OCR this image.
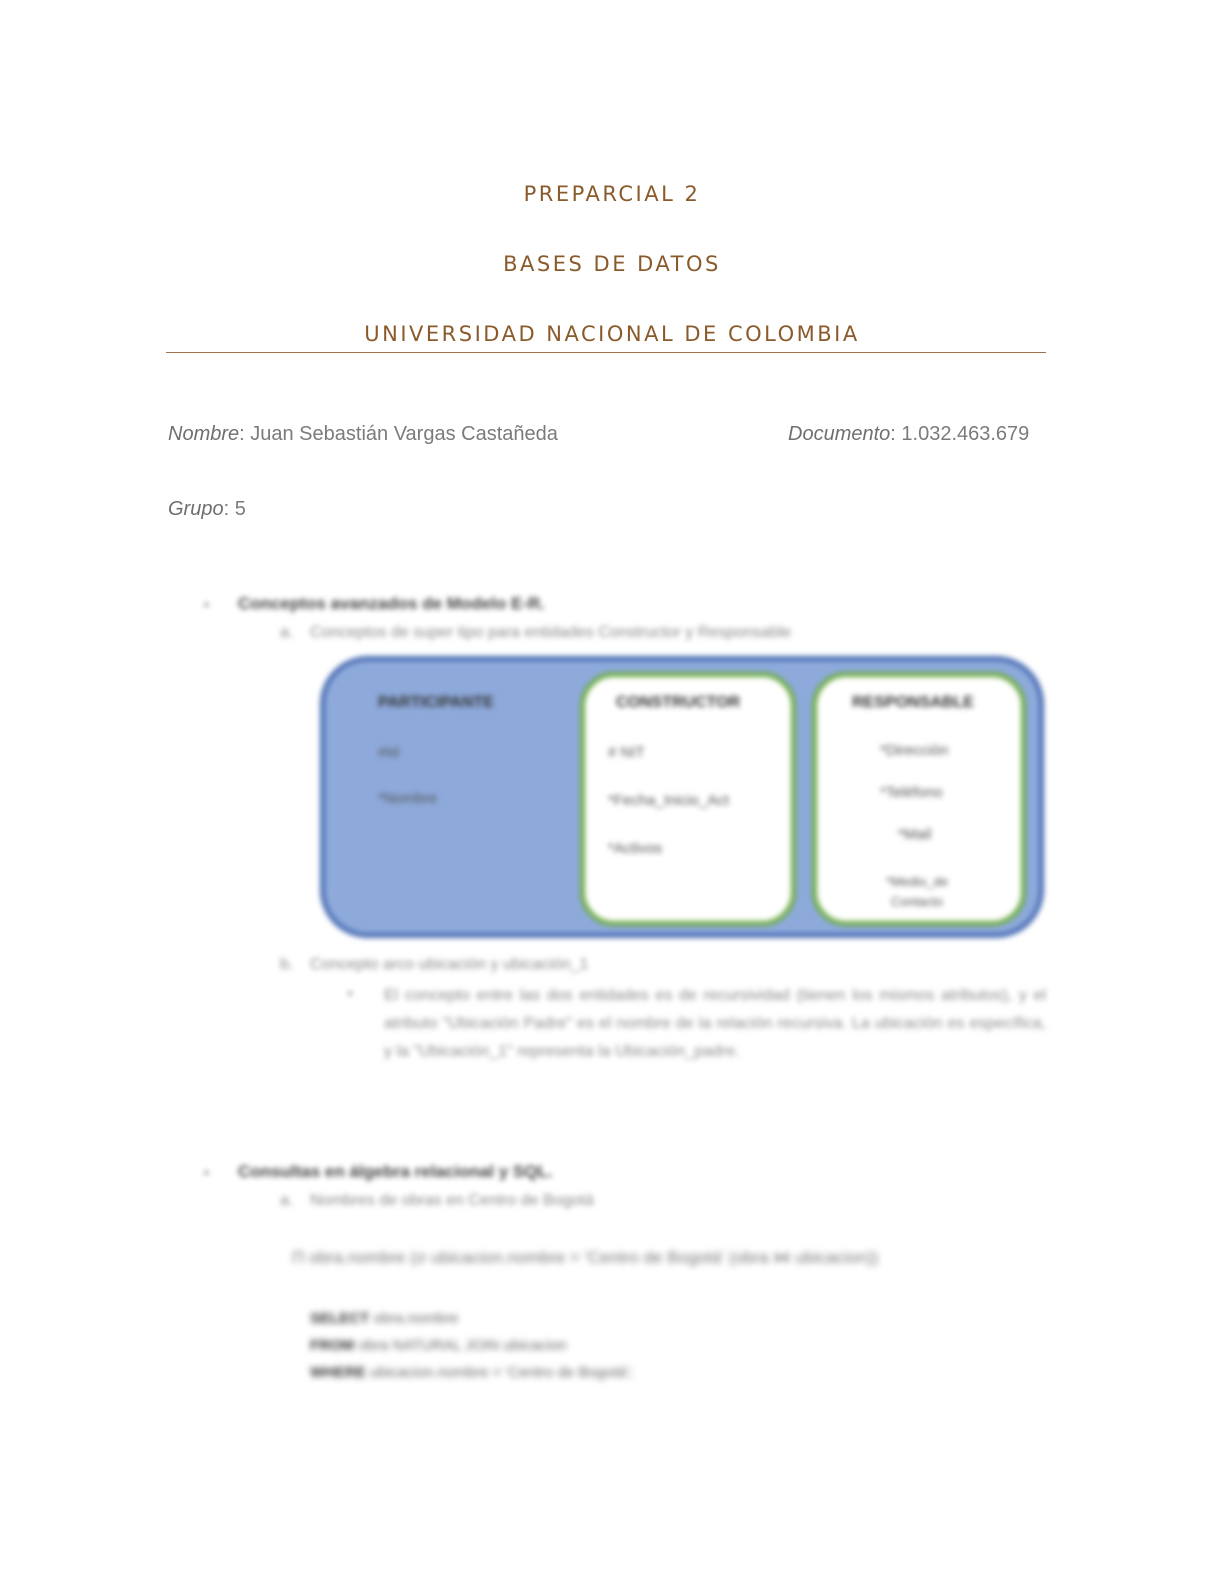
PREPARCIAL 2
BASES DE DATOS
UNIVERSIDAD NACIONAL DE COLOMBIA
Nombre: Juan Sebastián Vargas Castañeda	Documento: 1.032.463.679
Grupo: 5
▪ Conceptos avanzados de Modelo E-R.
a. Conceptos de super tipo para entidades Constructor y Responsable
PARTICIPANTE
#Id
*Nombre
CONSTRUCTOR
# NIT
*Fecha_Inicio_Act
*Activos
RESPONSABLE
*Dirección
*Teléfono
*Mail
*Medio_de Contacto
b. Concepto arco ubicación y ubicación_1
▪ El concepto entre las dos entidades es de recursividad (tienen los mismos atributos), y el atributo "Ubicación Padre" es el nombre de la relación recursiva. La ubicación es específica, y la "Ubicación_1" representa la Ubicación_padre.
▪ Consultas en álgebra relacional y SQL.
a. Nombres de obras en Centro de Bogotá
Π obra.nombre (σ ubicacion.nombre = 'Centro de Bogotá' (obra ⋈ ubicacion))
SELECT obra.nombre
FROM obra NATURAL JOIN ubicacion
WHERE ubicacion.nombre = 'Centro de Bogotá';
